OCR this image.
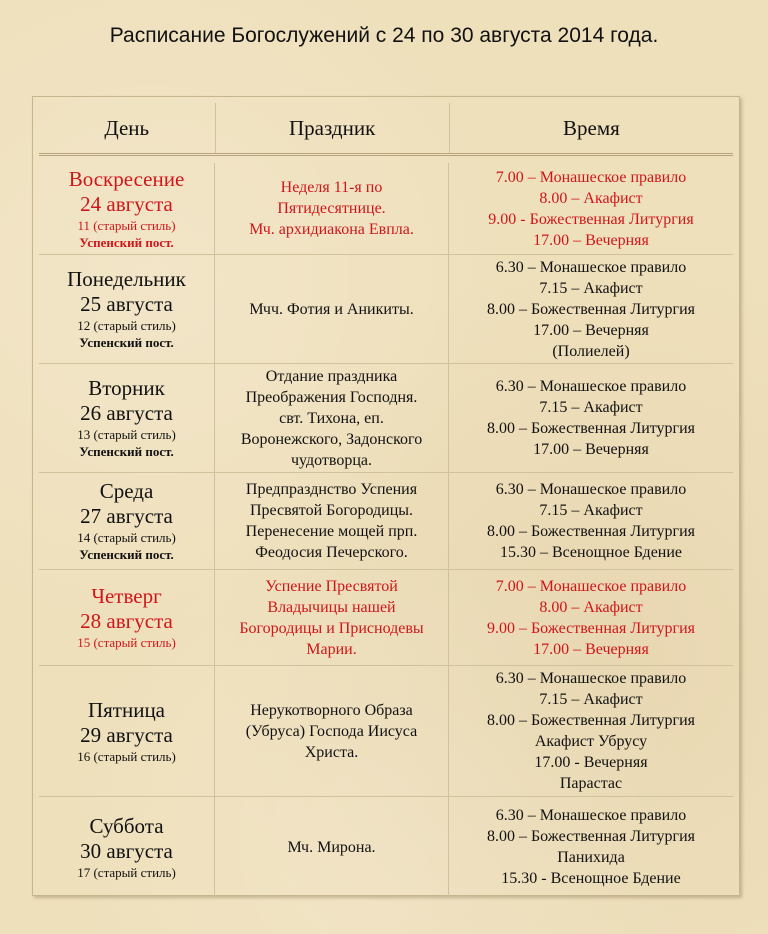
Расписание Богослужений с 24 по 30 августа 2014 года.
День	Праздник	Время
Воскресение
24 августа
11 (старый стиль)
Успенский пост.
Неделя 11-я по
Пятидесятнице.
Мч. архидиакона Евпла.
7.00 – Монашеское правило
8.00 – Акафист
9.00 - Божественная Литургия
17.00 – Вечерняя
Понедельник
25 августа
12 (старый стиль)
Успенский пост.
Мчч. Фотия и Аникиты.
6.30 – Монашеское правило
7.15 – Акафист
8.00 – Божественная Литургия
17.00 – Вечерняя
(Полиелей)
Вторник
26 августа
13 (старый стиль)
Успенский пост.
Отдание праздника
Преображения Господня.
свт. Тихона, еп.
Воронежского, Задонского
чудотворца.
6.30 – Монашеское правило
7.15 – Акафист
8.00 – Божественная Литургия
17.00 – Вечерняя
Среда
27 августа
14 (старый стиль)
Успенский пост.
Предпразднство Успения
Пресвятой Богородицы.
Перенесение мощей прп.
Феодосия Печерского.
6.30 – Монашеское правило
7.15 – Акафист
8.00 – Божественная Литургия
15.30 – Всенощное Бдение
Четверг
28 августа
15 (старый стиль)
Успение Пресвятой
Владычицы нашей
Богородицы и Приснодевы
Марии.
7.00 – Монашеское правило
8.00 – Акафист
9.00 – Божественная Литургия
17.00 – Вечерняя
Пятница
29 августа
16 (старый стиль)
Нерукотворного Образа
(Убруса) Господа Иисуса
Христа.
6.30 – Монашеское правило
7.15 – Акафист
8.00 – Божественная Литургия
Акафист Убрусу
17.00 - Вечерняя
Парастас
Суббота
30 августа
17 (старый стиль)
Мч. Мирона.
6.30 – Монашеское правило
8.00 – Божественная Литургия
Панихида
15.30 - Всенощное Бдение
